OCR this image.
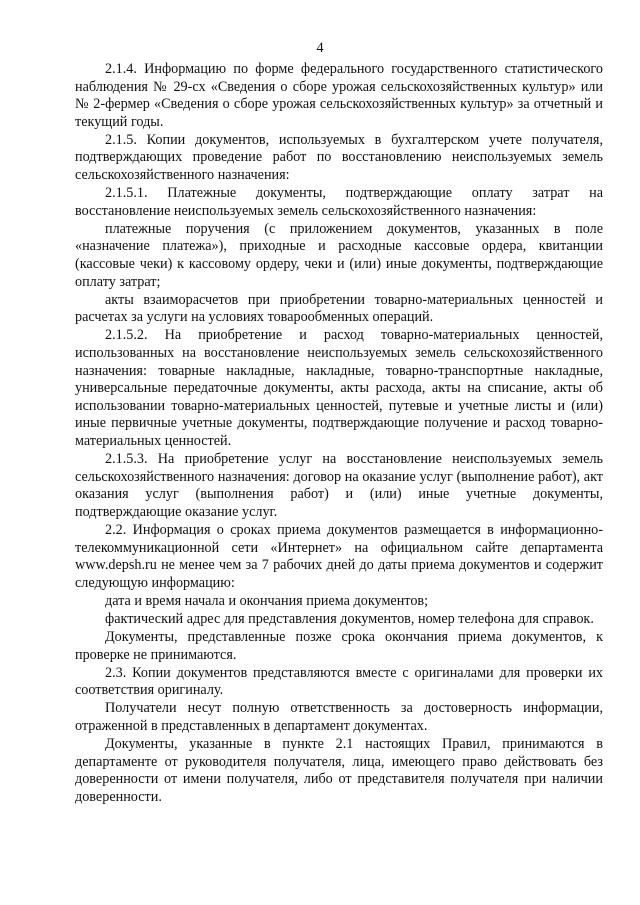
4

2.1.4. Информацию по форме федерального государственного статистического наблюдения № 29-сх «Сведения о сборе урожая сельскохозяйственных культур» или № 2-фермер «Сведения о сборе урожая сельскохозяйственных культур» за отчетный и текущий годы.

2.1.5. Копии документов, используемых в бухгалтерском учете получателя, подтверждающих проведение работ по восстановлению неиспользуемых земель сельскохозяйственного назначения:

2.1.5.1. Платежные документы, подтверждающие оплату затрат на восстановление неиспользуемых земель сельскохозяйственного назначения:

платежные поручения (с приложением документов, указанных в поле «назначение платежа»), приходные и расходные кассовые ордера, квитанции (кассовые чеки) к кассовому ордеру, чеки и (или) иные документы, подтверждающие оплату затрат;

акты взаиморасчетов при приобретении товарно-материальных ценностей и расчетах за услуги на условиях товарообменных операций.

2.1.5.2. На приобретение и расход товарно-материальных ценностей, использованных на восстановление неиспользуемых земель сельскохозяйственного назначения: товарные накладные, накладные, товарно-транспортные накладные, универсальные передаточные документы, акты расхода, акты на списание, акты об использовании товарно-материальных ценностей, путевые и учетные листы и (или) иные первичные учетные документы, подтверждающие получение и расход товарно-материальных ценностей.

2.1.5.3. На приобретение услуг на восстановление неиспользуемых земель сельскохозяйственного назначения: договор на оказание услуг (выполнение работ), акт оказания услуг (выполнения работ) и (или) иные учетные документы, подтверждающие оказание услуг.

2.2. Информация о сроках приема документов размещается в информационно-телекоммуникационной сети «Интернет» на официальном сайте департамента www.depsh.ru не менее чем за 7 рабочих дней до даты приема документов и содержит следующую информацию:

дата и время начала и окончания приема документов;

фактический адрес для представления документов, номер телефона для справок.

Документы, представленные позже срока окончания приема документов, к проверке не принимаются.

2.3. Копии документов представляются вместе с оригиналами для проверки их соответствия оригиналу.

Получатели несут полную ответственность за достоверность информации, отраженной в представленных в департамент документах.

Документы, указанные в пункте 2.1 настоящих Правил, принимаются в департаменте от руководителя получателя, лица, имеющего право действовать без доверенности от имени получателя, либо от представителя получателя при наличии доверенности.
